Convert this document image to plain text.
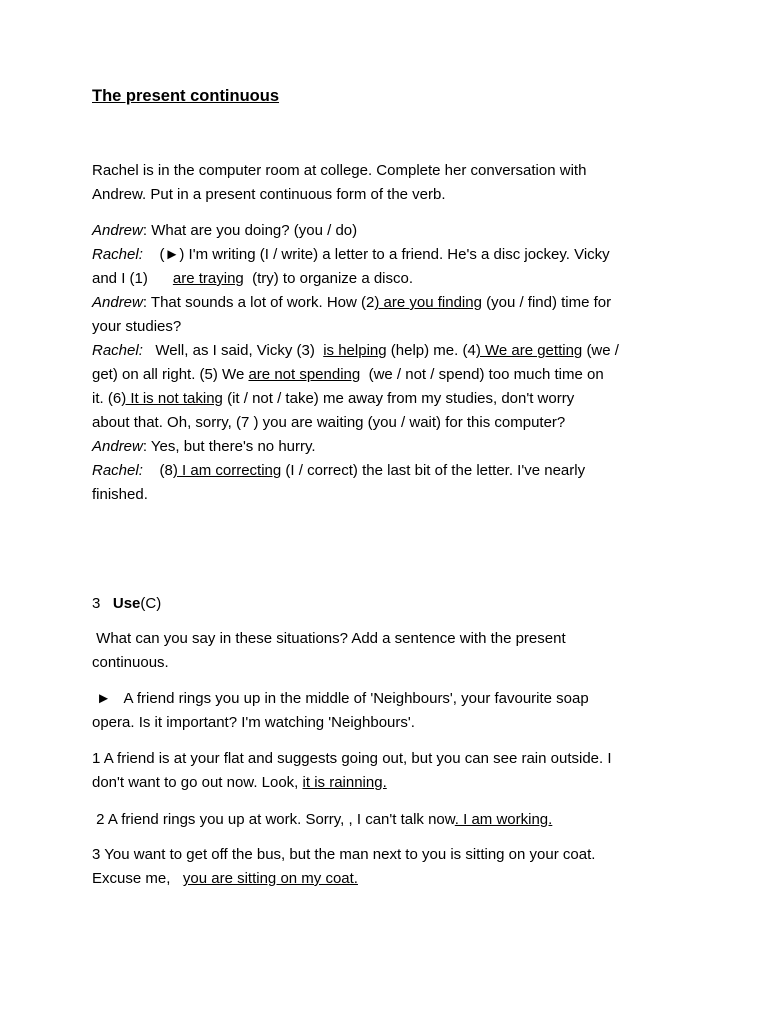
The present continuous
Rachel is in the computer room at college. Complete her conversation with
Andrew. Put in a present continuous form of the verb.
Andrew: What are you doing? (you / do)
Rachel: (►) I'm writing (I / write) a letter to a friend. He's a disc jockey. Vicky
and I (1) are traying (try) to organize a disco.
Andrew: That sounds a lot of work. How (2) are you finding (you / find) time for
your studies?
Rachel: Well, as I said, Vicky (3) is helping (help) me. (4) We are getting (we /
get) on all right. (5) We are not spending (we / not / spend) too much time on
it. (6) It is not taking (it / not / take) me away from my studies, don't worry
about that. Oh, sorry, (7 ) you are waiting (you / wait) for this computer?
Andrew: Yes, but there's no hurry.
Rachel: (8) I am correcting (I / correct) the last bit of the letter. I've nearly
finished.
3 Use(C)
What can you say in these situations? Add a sentence with the present
continuous.
► A friend rings you up in the middle of 'Neighbours', your favourite soap
opera. Is it important? I'm watching 'Neighbours'.
1 A friend is at your flat and suggests going out, but you can see rain outside. I
don't want to go out now. Look, it is rainning.
2 A friend rings you up at work. Sorry, , I can't talk now. I am working.
3 You want to get off the bus, but the man next to you is sitting on your coat.
Excuse me, you are sitting on my coat.
